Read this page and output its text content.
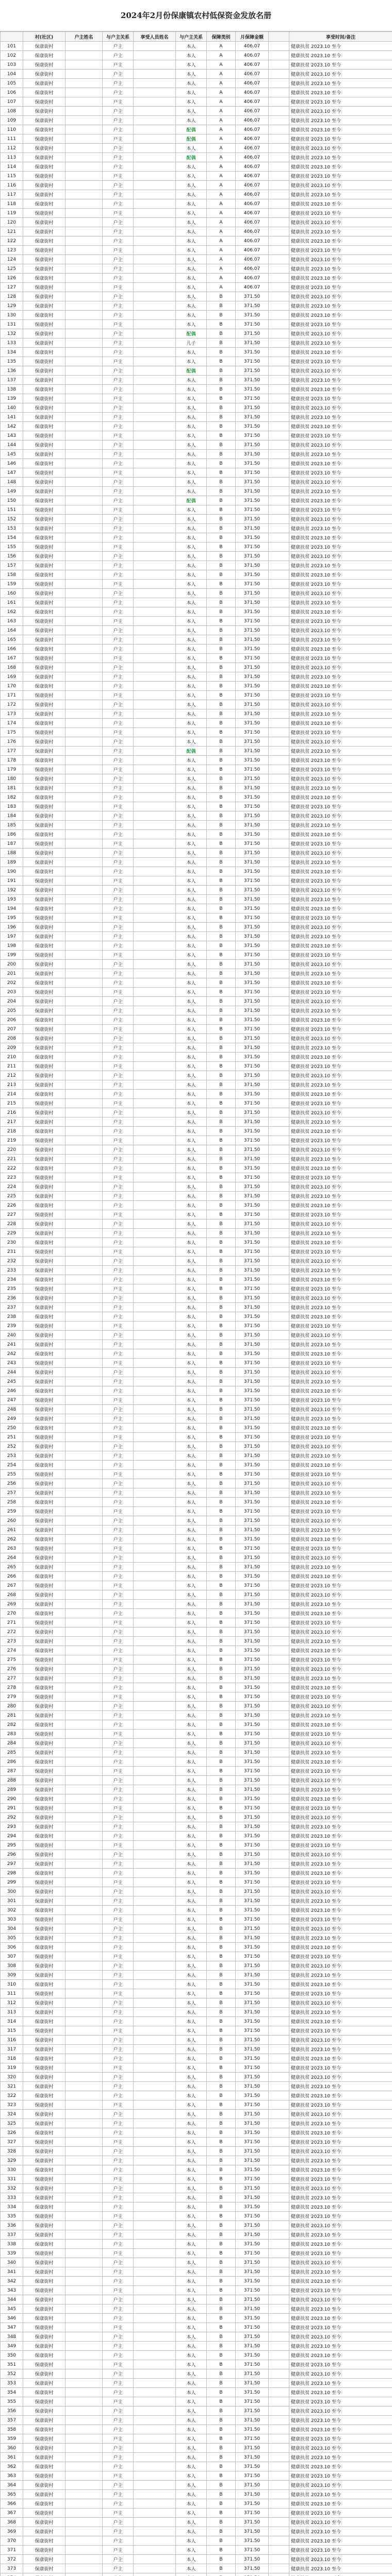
2024年2月份保康镇农村低保资金发放名册
	村(社区)	户主姓名	与户主关系	享受人员姓名	与户主关系	保障类别	月保障金额		享受时间/备注
101	保康街村		户主		本人	A	406.07		健康扶贫 2023.10 至今
102	保康街村		户主		本人	A	406.07		健康扶贫 2023.10 至今
103	保康街村		户主		本人	A	406.07		健康扶贫 2023.10 至今
104	保康街村		户主		本人	A	406.07		健康扶贫 2023.10 至今
105	保康街村		户主		本人	A	406.07		健康扶贫 2023.10 至今
106	保康街村		户主		本人	A	406.07		健康扶贫 2023.10 至今
107	保康街村		户主		本人	A	406.07		健康扶贫 2023.10 至今
108	保康街村		户主		本人	A	406.07		健康扶贫 2023.10 至今
109	保康街村		户主		本人	A	406.07		健康扶贫 2023.10 至今
110	保康街村		户主		配偶	A	406.07		健康扶贫 2023.10 至今
111	保康街村		户主		配偶	A	406.07		健康扶贫 2023.10 至今
112	保康街村		户主		本人	A	406.07		健康扶贫 2023.10 至今
113	保康街村		户主		配偶	A	406.07		健康扶贫 2023.10 至今
114	保康街村		户主		本人	A	406.07		健康扶贫 2023.10 至今
115	保康街村		户主		本人	A	406.07		健康扶贫 2023.10 至今
116	保康街村		户主		本人	A	406.07		健康扶贫 2023.10 至今
117	保康街村		户主		本人	A	406.07		健康扶贫 2023.10 至今
118	保康街村		户主		本人	A	406.07		健康扶贫 2023.10 至今
119	保康街村		户主		本人	A	406.07		健康扶贫 2023.10 至今
120	保康街村		户主		本人	A	406.07		健康扶贫 2023.10 至今
121	保康街村		户主		本人	A	406.07		健康扶贫 2023.10 至今
122	保康街村		户主		本人	A	406.07		健康扶贫 2023.10 至今
123	保康街村		户主		本人	A	406.07		健康扶贫 2023.10 至今
124	保康街村		户主		本人	A	406.07		健康扶贫 2023.10 至今
125	保康街村		户主		本人	A	406.07		健康扶贫 2023.10 至今
126	保康街村		户主		本人	A	406.07		健康扶贫 2023.10 至今
127	保康街村		户主		本人	A	406.07		健康扶贫 2023.10 至今
128	保康街村		户主		本人	B	371.50		健康扶贫 2023.10 至今
129	保康街村		户主		本人	B	371.50		健康扶贫 2023.10 至今
130	保康街村		户主		本人	B	371.50		健康扶贫 2023.10 至今
131	保康街村		户主		本人	B	371.50		健康扶贫 2023.10 至今
132	保康街村		户主		配偶	B	371.50		健康扶贫 2023.10 至今
133	保康街村		户主		儿子	B	371.50		健康扶贫 2023.10 至今
134	保康街村		户主		本人	B	371.50		健康扶贫 2023.10 至今
135	保康街村		户主		本人	B	371.50		健康扶贫 2023.10 至今
136	保康街村		户主		配偶	B	371.50		健康扶贫 2023.10 至今
137	保康街村		户主		本人	B	371.50		健康扶贫 2023.10 至今
138	保康街村		户主		本人	B	371.50		健康扶贫 2023.10 至今
139	保康街村		户主		本人	B	371.50		健康扶贫 2023.10 至今
140	保康街村		户主		本人	B	371.50		健康扶贫 2023.10 至今
141	保康街村		户主		本人	B	371.50		健康扶贫 2023.10 至今
142	保康街村		户主		本人	B	371.50		健康扶贫 2023.10 至今
143	保康街村		户主		本人	B	371.50		健康扶贫 2023.10 至今
144	保康街村		户主		本人	B	371.50		健康扶贫 2023.10 至今
145	保康街村		户主		本人	B	371.50		健康扶贫 2023.10 至今
146	保康街村		户主		本人	B	371.50		健康扶贫 2023.10 至今
147	保康街村		户主		本人	B	371.50		健康扶贫 2023.10 至今
148	保康街村		户主		本人	B	371.50		健康扶贫 2023.10 至今
149	保康街村		户主		本人	B	371.50		健康扶贫 2023.10 至今
150	保康街村		户主		配偶	B	371.50		健康扶贫 2023.10 至今
151	保康街村		户主		本人	B	371.50		健康扶贫 2023.10 至今
152	保康街村		户主		本人	B	371.50		健康扶贫 2023.10 至今
153	保康街村		户主		本人	B	371.50		健康扶贫 2023.10 至今
154	保康街村		户主		本人	B	371.50		健康扶贫 2023.10 至今
155	保康街村		户主		本人	B	371.50		健康扶贫 2023.10 至今
156	保康街村		户主		本人	B	371.50		健康扶贫 2023.10 至今
157	保康街村		户主		本人	B	371.50		健康扶贫 2023.10 至今
158	保康街村		户主		本人	B	371.50		健康扶贫 2023.10 至今
159	保康街村		户主		本人	B	371.50		健康扶贫 2023.10 至今
160	保康街村		户主		本人	B	371.50		健康扶贫 2023.10 至今
161	保康街村		户主		本人	B	371.50		健康扶贫 2023.10 至今
162	保康街村		户主		本人	B	371.50		健康扶贫 2023.10 至今
163	保康街村		户主		本人	B	371.50		健康扶贫 2023.10 至今
164	保康街村		户主		本人	B	371.50		健康扶贫 2023.10 至今
165	保康街村		户主		本人	B	371.50		健康扶贫 2023.10 至今
166	保康街村		户主		本人	B	371.50		健康扶贫 2023.10 至今
167	保康街村		户主		本人	B	371.50		健康扶贫 2023.10 至今
168	保康街村		户主		本人	B	371.50		健康扶贫 2023.10 至今
169	保康街村		户主		本人	B	371.50		健康扶贫 2023.10 至今
170	保康街村		户主		本人	B	371.50		健康扶贫 2023.10 至今
171	保康街村		户主		本人	B	371.50		健康扶贫 2023.10 至今
172	保康街村		户主		本人	B	371.50		健康扶贫 2023.10 至今
173	保康街村		户主		本人	B	371.50		健康扶贫 2023.10 至今
174	保康街村		户主		本人	B	371.50		健康扶贫 2023.10 至今
175	保康街村		户主		本人	B	371.50		健康扶贫 2023.10 至今
176	保康街村		户主		本人	B	371.50		健康扶贫 2023.10 至今
177	保康街村		户主		配偶	B	371.50		健康扶贫 2023.10 至今
178	保康街村		户主		本人	B	371.50		健康扶贫 2023.10 至今
179	保康街村		户主		本人	B	371.50		健康扶贫 2023.10 至今
180	保康街村		户主		本人	B	371.50		健康扶贫 2023.10 至今
181	保康街村		户主		本人	B	371.50		健康扶贫 2023.10 至今
182	保康街村		户主		本人	B	371.50		健康扶贫 2023.10 至今
183	保康街村		户主		本人	B	371.50		健康扶贫 2023.10 至今
184	保康街村		户主		本人	B	371.50		健康扶贫 2023.10 至今
185	保康街村		户主		本人	B	371.50		健康扶贫 2023.10 至今
186	保康街村		户主		本人	B	371.50		健康扶贫 2023.10 至今
187	保康街村		户主		本人	B	371.50		健康扶贫 2023.10 至今
188	保康街村		户主		本人	B	371.50		健康扶贫 2023.10 至今
189	保康街村		户主		本人	B	371.50		健康扶贫 2023.10 至今
190	保康街村		户主		本人	B	371.50		健康扶贫 2023.10 至今
191	保康街村		户主		本人	B	371.50		健康扶贫 2023.10 至今
192	保康街村		户主		本人	B	371.50		健康扶贫 2023.10 至今
193	保康街村		户主		本人	B	371.50		健康扶贫 2023.10 至今
194	保康街村		户主		本人	B	371.50		健康扶贫 2023.10 至今
195	保康街村		户主		本人	B	371.50		健康扶贫 2023.10 至今
196	保康街村		户主		本人	B	371.50		健康扶贫 2023.10 至今
197	保康街村		户主		本人	B	371.50		健康扶贫 2023.10 至今
198	保康街村		户主		本人	B	371.50		健康扶贫 2023.10 至今
199	保康街村		户主		本人	B	371.50		健康扶贫 2023.10 至今
200	保康街村		户主		本人	B	371.50		健康扶贫 2023.10 至今
201	保康街村		户主		本人	B	371.50		健康扶贫 2023.10 至今
202	保康街村		户主		本人	B	371.50		健康扶贫 2023.10 至今
203	保康街村		户主		本人	B	371.50		健康扶贫 2023.10 至今
204	保康街村		户主		本人	B	371.50		健康扶贫 2023.10 至今
205	保康街村		户主		本人	B	371.50		健康扶贫 2023.10 至今
206	保康街村		户主		本人	B	371.50		健康扶贫 2023.10 至今
207	保康街村		户主		本人	B	371.50		健康扶贫 2023.10 至今
208	保康街村		户主		本人	B	371.50		健康扶贫 2023.10 至今
209	保康街村		户主		本人	B	371.50		健康扶贫 2023.10 至今
210	保康街村		户主		本人	B	371.50		健康扶贫 2023.10 至今
211	保康街村		户主		本人	B	371.50		健康扶贫 2023.10 至今
212	保康街村		户主		本人	B	371.50		健康扶贫 2023.10 至今
213	保康街村		户主		本人	B	371.50		健康扶贫 2023.10 至今
214	保康街村		户主		本人	B	371.50		健康扶贫 2023.10 至今
215	保康街村		户主		本人	B	371.50		健康扶贫 2023.10 至今
216	保康街村		户主		本人	B	371.50		健康扶贫 2023.10 至今
217	保康街村		户主		本人	B	371.50		健康扶贫 2023.10 至今
218	保康街村		户主		本人	B	371.50		健康扶贫 2023.10 至今
219	保康街村		户主		本人	B	371.50		健康扶贫 2023.10 至今
220	保康街村		户主		本人	B	371.50		健康扶贫 2023.10 至今
221	保康街村		户主		本人	B	371.50		健康扶贫 2023.10 至今
222	保康街村		户主		本人	B	371.50		健康扶贫 2023.10 至今
223	保康街村		户主		本人	B	371.50		健康扶贫 2023.10 至今
224	保康街村		户主		本人	B	371.50		健康扶贫 2023.10 至今
225	保康街村		户主		本人	B	371.50		健康扶贫 2023.10 至今
226	保康街村		户主		本人	B	371.50		健康扶贫 2023.10 至今
227	保康街村		户主		本人	B	371.50		健康扶贫 2023.10 至今
228	保康街村		户主		本人	B	371.50		健康扶贫 2023.10 至今
229	保康街村		户主		本人	B	371.50		健康扶贫 2023.10 至今
230	保康街村		户主		本人	B	371.50		健康扶贫 2023.10 至今
231	保康街村		户主		本人	B	371.50		健康扶贫 2023.10 至今
232	保康街村		户主		本人	B	371.50		健康扶贫 2023.10 至今
233	保康街村		户主		本人	B	371.50		健康扶贫 2023.10 至今
234	保康街村		户主		本人	B	371.50		健康扶贫 2023.10 至今
235	保康街村		户主		本人	B	371.50		健康扶贫 2023.10 至今
236	保康街村		户主		本人	B	371.50		健康扶贫 2023.10 至今
237	保康街村		户主		本人	B	371.50		健康扶贫 2023.10 至今
238	保康街村		户主		本人	B	371.50		健康扶贫 2023.10 至今
239	保康街村		户主		本人	B	371.50		健康扶贫 2023.10 至今
240	保康街村		户主		本人	B	371.50		健康扶贫 2023.10 至今
241	保康街村		户主		本人	B	371.50		健康扶贫 2023.10 至今
242	保康街村		户主		本人	B	371.50		健康扶贫 2023.10 至今
243	保康街村		户主		本人	B	371.50		健康扶贫 2023.10 至今
244	保康街村		户主		本人	B	371.50		健康扶贫 2023.10 至今
245	保康街村		户主		本人	B	371.50		健康扶贫 2023.10 至今
246	保康街村		户主		本人	B	371.50		健康扶贫 2023.10 至今
247	保康街村		户主		本人	B	371.50		健康扶贫 2023.10 至今
248	保康街村		户主		本人	B	371.50		健康扶贫 2023.10 至今
249	保康街村		户主		本人	B	371.50		健康扶贫 2023.10 至今
250	保康街村		户主		本人	B	371.50		健康扶贫 2023.10 至今
251	保康街村		户主		本人	B	371.50		健康扶贫 2023.10 至今
252	保康街村		户主		本人	B	371.50		健康扶贫 2023.10 至今
253	保康街村		户主		本人	B	371.50		健康扶贫 2023.10 至今
254	保康街村		户主		本人	B	371.50		健康扶贫 2023.10 至今
255	保康街村		户主		本人	B	371.50		健康扶贫 2023.10 至今
256	保康街村		户主		本人	B	371.50		健康扶贫 2023.10 至今
257	保康街村		户主		本人	B	371.50		健康扶贫 2023.10 至今
258	保康街村		户主		本人	B	371.50		健康扶贫 2023.10 至今
259	保康街村		户主		本人	B	371.50		健康扶贫 2023.10 至今
260	保康街村		户主		本人	B	371.50		健康扶贫 2023.10 至今
261	保康街村		户主		本人	B	371.50		健康扶贫 2023.10 至今
262	保康街村		户主		本人	B	371.50		健康扶贫 2023.10 至今
263	保康街村		户主		本人	B	371.50		健康扶贫 2023.10 至今
264	保康街村		户主		本人	B	371.50		健康扶贫 2023.10 至今
265	保康街村		户主		本人	B	371.50		健康扶贫 2023.10 至今
266	保康街村		户主		本人	B	371.50		健康扶贫 2023.10 至今
267	保康街村		户主		本人	B	371.50		健康扶贫 2023.10 至今
268	保康街村		户主		本人	B	371.50		健康扶贫 2023.10 至今
269	保康街村		户主		本人	B	371.50		健康扶贫 2023.10 至今
270	保康街村		户主		本人	B	371.50		健康扶贫 2023.10 至今
271	保康街村		户主		本人	B	371.50		健康扶贫 2023.10 至今
272	保康街村		户主		本人	B	371.50		健康扶贫 2023.10 至今
273	保康街村		户主		本人	B	371.50		健康扶贫 2023.10 至今
274	保康街村		户主		本人	B	371.50		健康扶贫 2023.10 至今
275	保康街村		户主		本人	B	371.50		健康扶贫 2023.10 至今
276	保康街村		户主		本人	B	371.50		健康扶贫 2023.10 至今
277	保康街村		户主		本人	B	371.50		健康扶贫 2023.10 至今
278	保康街村		户主		本人	B	371.50		健康扶贫 2023.10 至今
279	保康街村		户主		本人	B	371.50		健康扶贫 2023.10 至今
280	保康街村		户主		本人	B	371.50		健康扶贫 2023.10 至今
281	保康街村		户主		本人	B	371.50		健康扶贫 2023.10 至今
282	保康街村		户主		本人	B	371.50		健康扶贫 2023.10 至今
283	保康街村		户主		本人	B	371.50		健康扶贫 2023.10 至今
284	保康街村		户主		本人	B	371.50		健康扶贫 2023.10 至今
285	保康街村		户主		本人	B	371.50		健康扶贫 2023.10 至今
286	保康街村		户主		本人	B	371.50		健康扶贫 2023.10 至今
287	保康街村		户主		本人	B	371.50		健康扶贫 2023.10 至今
288	保康街村		户主		本人	B	371.50		健康扶贫 2023.10 至今
289	保康街村		户主		本人	B	371.50		健康扶贫 2023.10 至今
290	保康街村		户主		本人	B	371.50		健康扶贫 2023.10 至今
291	保康街村		户主		本人	B	371.50		健康扶贫 2023.10 至今
292	保康街村		户主		本人	B	371.50		健康扶贫 2023.10 至今
293	保康街村		户主		本人	B	371.50		健康扶贫 2023.10 至今
294	保康街村		户主		本人	B	371.50		健康扶贫 2023.10 至今
295	保康街村		户主		本人	B	371.50		健康扶贫 2023.10 至今
296	保康街村		户主		本人	B	371.50		健康扶贫 2023.10 至今
297	保康街村		户主		本人	B	371.50		健康扶贫 2023.10 至今
298	保康街村		户主		本人	B	371.50		健康扶贫 2023.10 至今
299	保康街村		户主		本人	B	371.50		健康扶贫 2023.10 至今
300	保康街村		户主		本人	B	371.50		健康扶贫 2023.10 至今
301	保康街村		户主		本人	B	371.50		健康扶贫 2023.10 至今
302	保康街村		户主		本人	B	371.50		健康扶贫 2023.10 至今
303	保康街村		户主		本人	B	371.50		健康扶贫 2023.10 至今
304	保康街村		户主		本人	B	371.50		健康扶贫 2023.10 至今
305	保康街村		户主		本人	B	371.50		健康扶贫 2023.10 至今
306	保康街村		户主		本人	B	371.50		健康扶贫 2023.10 至今
307	保康街村		户主		本人	B	371.50		健康扶贫 2023.10 至今
308	保康街村		户主		本人	B	371.50		健康扶贫 2023.10 至今
309	保康街村		户主		本人	B	371.50		健康扶贫 2023.10 至今
310	保康街村		户主		本人	B	371.50		健康扶贫 2023.10 至今
311	保康街村		户主		本人	B	371.50		健康扶贫 2023.10 至今
312	保康街村		户主		本人	B	371.50		健康扶贫 2023.10 至今
313	保康街村		户主		本人	B	371.50		健康扶贫 2023.10 至今
314	保康街村		户主		本人	B	371.50		健康扶贫 2023.10 至今
315	保康街村		户主		本人	B	371.50		健康扶贫 2023.10 至今
316	保康街村		户主		本人	B	371.50		健康扶贫 2023.10 至今
317	保康街村		户主		本人	B	371.50		健康扶贫 2023.10 至今
318	保康街村		户主		本人	B	371.50		健康扶贫 2023.10 至今
319	保康街村		户主		本人	B	371.50		健康扶贫 2023.10 至今
320	保康街村		户主		本人	B	371.50		健康扶贫 2023.10 至今
321	保康街村		户主		本人	B	371.50		健康扶贫 2023.10 至今
322	保康街村		户主		本人	B	371.50		健康扶贫 2023.10 至今
323	保康街村		户主		本人	B	371.50		健康扶贫 2023.10 至今
324	保康街村		户主		本人	B	371.50		健康扶贫 2023.10 至今
325	保康街村		户主		本人	B	371.50		健康扶贫 2023.10 至今
326	保康街村		户主		本人	B	371.50		健康扶贫 2023.10 至今
327	保康街村		户主		本人	B	371.50		健康扶贫 2023.10 至今
328	保康街村		户主		本人	B	371.50		健康扶贫 2023.10 至今
329	保康街村		户主		本人	B	371.50		健康扶贫 2023.10 至今
330	保康街村		户主		本人	B	371.50		健康扶贫 2023.10 至今
331	保康街村		户主		本人	B	371.50		健康扶贫 2023.10 至今
332	保康街村		户主		本人	B	371.50		健康扶贫 2023.10 至今
333	保康街村		户主		本人	B	371.50		健康扶贫 2023.10 至今
334	保康街村		户主		本人	B	371.50		健康扶贫 2023.10 至今
335	保康街村		户主		本人	B	371.50		健康扶贫 2023.10 至今
336	保康街村		户主		本人	B	371.50		健康扶贫 2023.10 至今
337	保康街村		户主		本人	B	371.50		健康扶贫 2023.10 至今
338	保康街村		户主		本人	B	371.50		健康扶贫 2023.10 至今
339	保康街村		户主		本人	B	371.50		健康扶贫 2023.10 至今
340	保康街村		户主		本人	B	371.50		健康扶贫 2023.10 至今
341	保康街村		户主		本人	B	371.50		健康扶贫 2023.10 至今
342	保康街村		户主		本人	B	371.50		健康扶贫 2023.10 至今
343	保康街村		户主		本人	B	371.50		健康扶贫 2023.10 至今
344	保康街村		户主		本人	B	371.50		健康扶贫 2023.10 至今
345	保康街村		户主		本人	B	371.50		健康扶贫 2023.10 至今
346	保康街村		户主		本人	B	371.50		健康扶贫 2023.10 至今
347	保康街村		户主		本人	B	371.50		健康扶贫 2023.10 至今
348	保康街村		户主		本人	B	371.50		健康扶贫 2023.10 至今
349	保康街村		户主		本人	B	371.50		健康扶贫 2023.10 至今
350	保康街村		户主		本人	B	371.50		健康扶贫 2023.10 至今
351	保康街村		户主		本人	B	371.50		健康扶贫 2023.10 至今
352	保康街村		户主		本人	B	371.50		健康扶贫 2023.10 至今
353	保康街村		户主		本人	B	371.50		健康扶贫 2023.10 至今
354	保康街村		户主		本人	B	371.50		健康扶贫 2023.10 至今
355	保康街村		户主		本人	B	371.50		健康扶贫 2023.10 至今
356	保康街村		户主		本人	B	371.50		健康扶贫 2023.10 至今
357	保康街村		户主		本人	B	371.50		健康扶贫 2023.10 至今
358	保康街村		户主		本人	B	371.50		健康扶贫 2023.10 至今
359	保康街村		户主		本人	B	371.50		健康扶贫 2023.10 至今
360	保康街村		户主		本人	B	371.50		健康扶贫 2023.10 至今
361	保康街村		户主		本人	B	371.50		健康扶贫 2023.10 至今
362	保康街村		户主		本人	B	371.50		健康扶贫 2023.10 至今
363	保康街村		户主		本人	B	371.50		健康扶贫 2023.10 至今
364	保康街村		户主		本人	B	371.50		健康扶贫 2023.10 至今
365	保康街村		户主		本人	B	371.50		健康扶贫 2023.10 至今
366	保康街村		户主		本人	B	371.50		健康扶贫 2023.10 至今
367	保康街村		户主		本人	B	371.50		健康扶贫 2023.10 至今
368	保康街村		户主		本人	B	371.50		健康扶贫 2023.10 至今
369	保康街村		户主		本人	B	371.50		健康扶贫 2023.10 至今
370	保康街村		户主		本人	B	371.50		健康扶贫 2023.10 至今
371	保康街村		户主		本人	B	371.50		健康扶贫 2023.10 至今
372	保康街村		户主		本人	B	371.50		健康扶贫 2023.10 至今
373	保康街村		户主		本人	B	371.50		健康扶贫 2023.10 至今
